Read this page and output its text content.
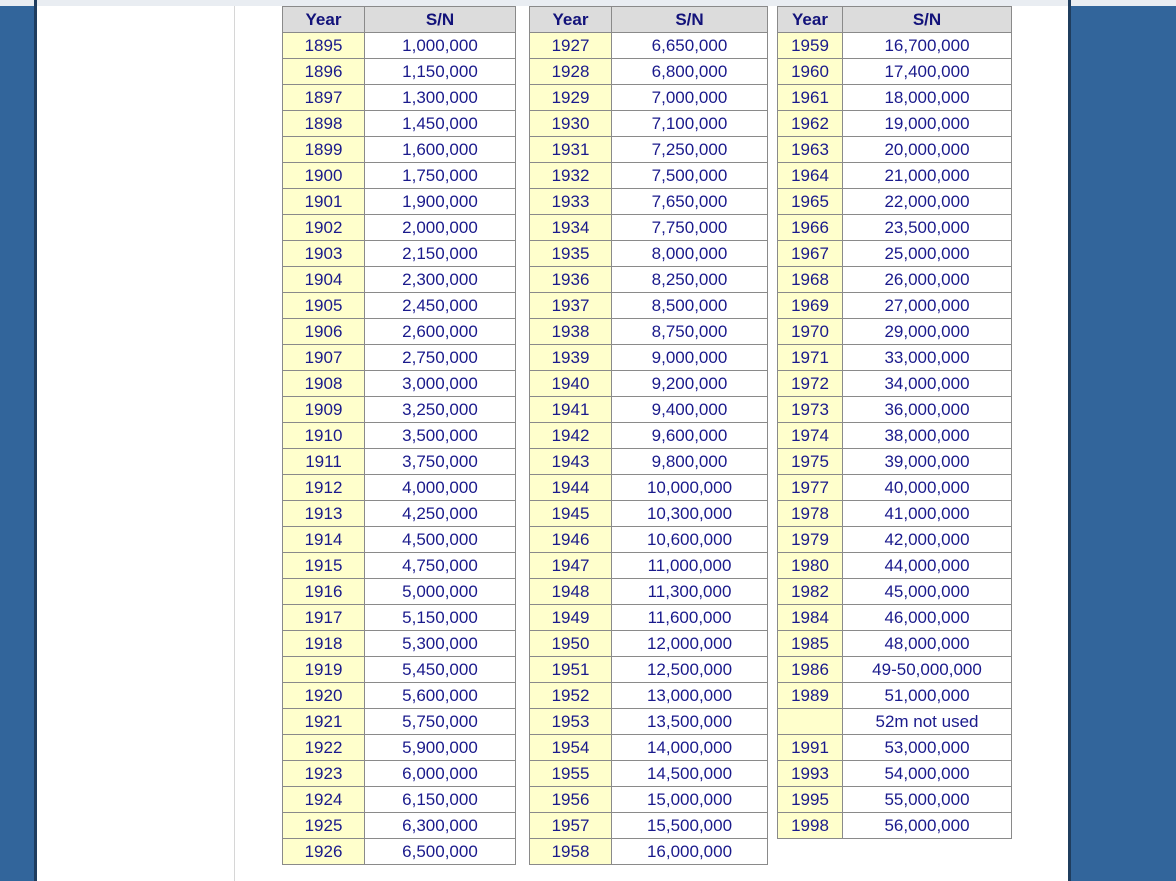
Year	S/N
1895	1,000,000
1896	1,150,000
1897	1,300,000
1898	1,450,000
1899	1,600,000
1900	1,750,000
1901	1,900,000
1902	2,000,000
1903	2,150,000
1904	2,300,000
1905	2,450,000
1906	2,600,000
1907	2,750,000
1908	3,000,000
1909	3,250,000
1910	3,500,000
1911	3,750,000
1912	4,000,000
1913	4,250,000
1914	4,500,000
1915	4,750,000
1916	5,000,000
1917	5,150,000
1918	5,300,000
1919	5,450,000
1920	5,600,000
1921	5,750,000
1922	5,900,000
1923	6,000,000
1924	6,150,000
1925	6,300,000
1926	6,500,000
Year	S/N
1927	6,650,000
1928	6,800,000
1929	7,000,000
1930	7,100,000
1931	7,250,000
1932	7,500,000
1933	7,650,000
1934	7,750,000
1935	8,000,000
1936	8,250,000
1937	8,500,000
1938	8,750,000
1939	9,000,000
1940	9,200,000
1941	9,400,000
1942	9,600,000
1943	9,800,000
1944	10,000,000
1945	10,300,000
1946	10,600,000
1947	11,000,000
1948	11,300,000
1949	11,600,000
1950	12,000,000
1951	12,500,000
1952	13,000,000
1953	13,500,000
1954	14,000,000
1955	14,500,000
1956	15,000,000
1957	15,500,000
1958	16,000,000
Year	S/N
1959	16,700,000
1960	17,400,000
1961	18,000,000
1962	19,000,000
1963	20,000,000
1964	21,000,000
1965	22,000,000
1966	23,500,000
1967	25,000,000
1968	26,000,000
1969	27,000,000
1970	29,000,000
1971	33,000,000
1972	34,000,000
1973	36,000,000
1974	38,000,000
1975	39,000,000
1977	40,000,000
1978	41,000,000
1979	42,000,000
1980	44,000,000
1982	45,000,000
1984	46,000,000
1985	48,000,000
1986	49-50,000,000
1989	51,000,000
	52m not used
1991	53,000,000
1993	54,000,000
1995	55,000,000
1998	56,000,000
